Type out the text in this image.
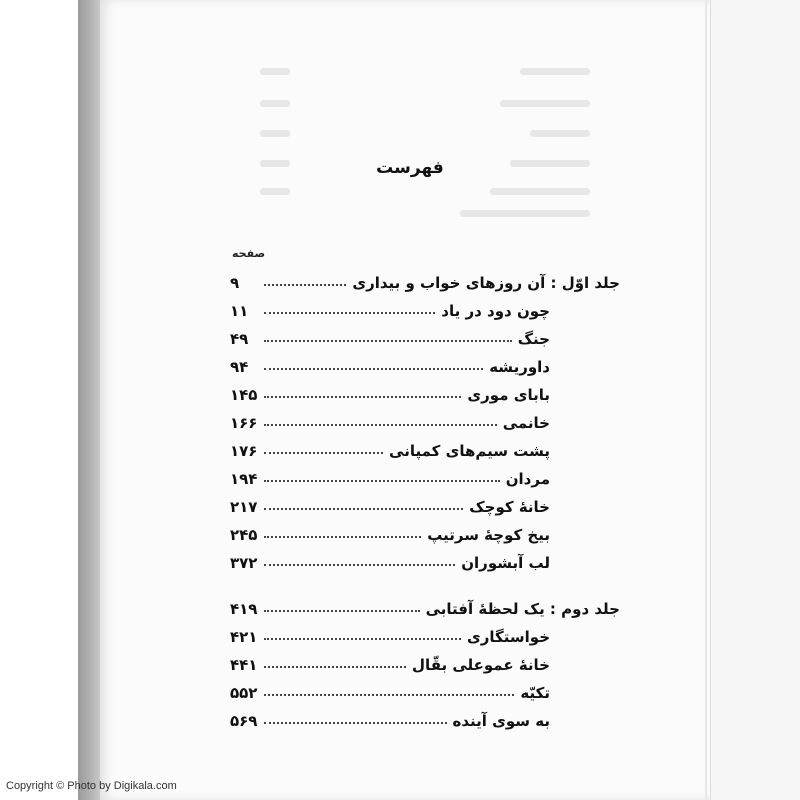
فهرست
صفحه
جلد اوّل : آن روزهای خواب و بیداری
۹
چون دود در یاد
۱۱
جنگ
۴۹
داوریشه
۹۴
بابای موری
۱۴۵
خانمی
۱۶۶
پشت سیم‌های کمپانی
۱۷۶
مردان
۱۹۴
خانۀ کوچک
۲۱۷
بیخ کوچۀ سرتیپ
۲۴۵
لب آبشوران
۳۷۲
جلد دوم : یک لحظۀ آفتابی
۴۱۹
خواستگاری
۴۲۱
خانۀ عموعلی بقّال
۴۴۱
تکیّه
۵۵۲
به سوی آینده
۵۶۹
Copyright © Photo by Digikala.com
